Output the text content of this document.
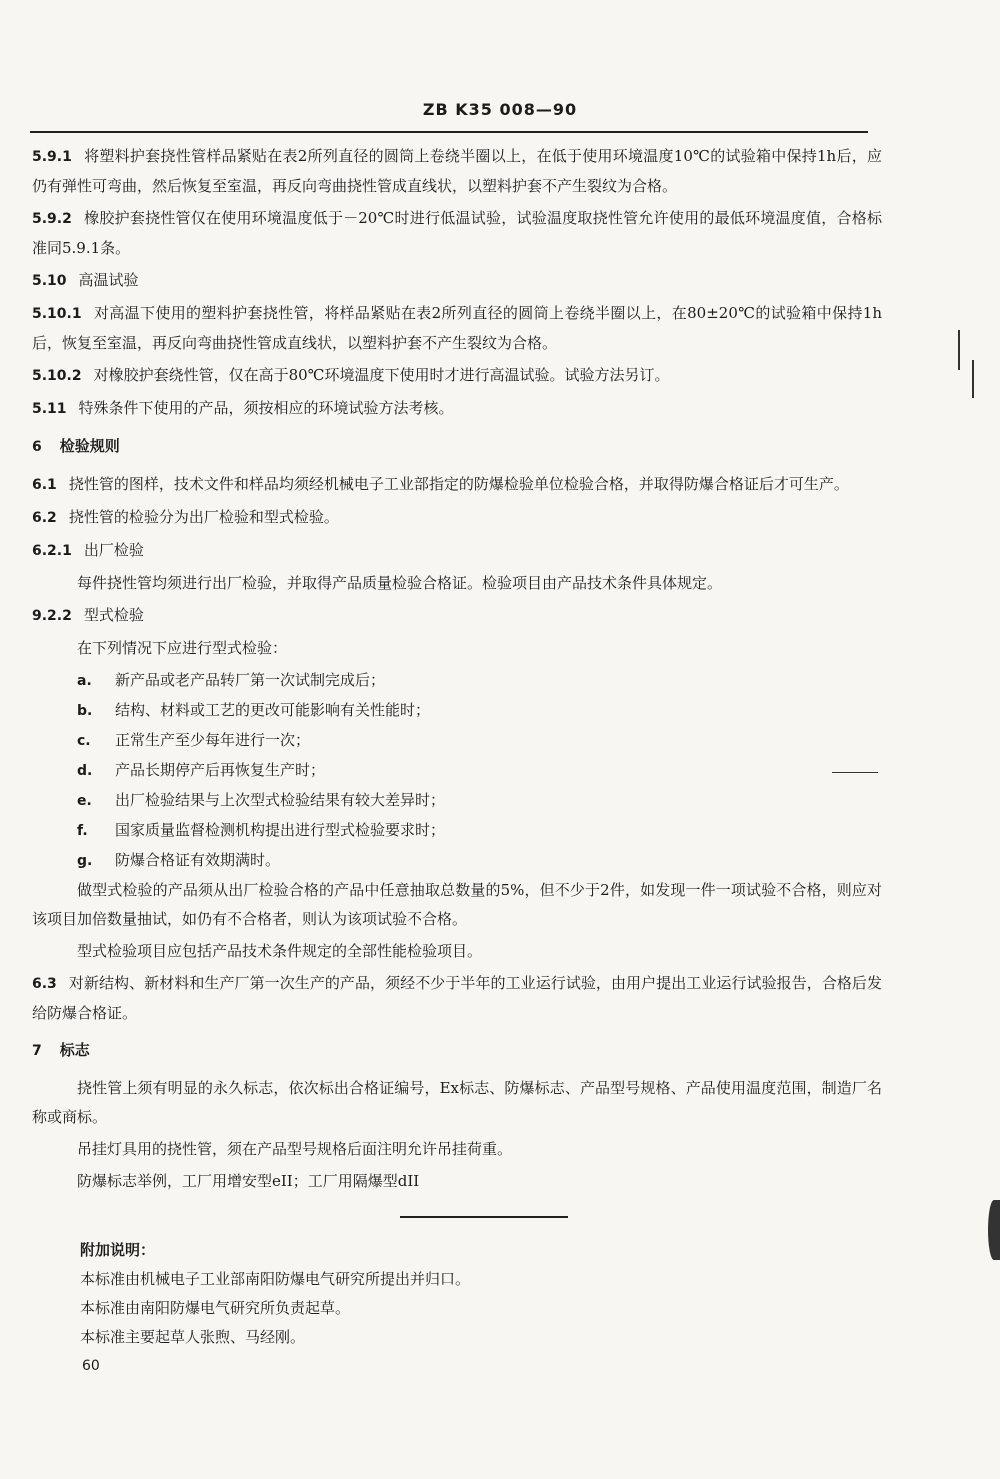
ZB K35 008—90

5.9.1 将塑料护套挠性管样品紧贴在表2所列直径的圆筒上卷绕半圈以上，在低于使用环境温度10℃的试验箱中保持1h后，应仍有弹性可弯曲，然后恢复至室温，再反向弯曲挠性管成直线状，以塑料护套不产生裂纹为合格。

5.9.2 橡胶护套挠性管仅在使用环境温度低于－20℃时进行低温试验，试验温度取挠性管允许使用的最低环境温度值，合格标准同5.9.1条。

5.10 高温试验

5.10.1 对高温下使用的塑料护套挠性管，将样品紧贴在表2所列直径的圆筒上卷绕半圈以上，在80±20℃的试验箱中保持1h后，恢复至室温，再反向弯曲挠性管成直线状，以塑料护套不产生裂纹为合格。

5.10.2 对橡胶护套绕性管，仅在高于80℃环境温度下使用时才进行高温试验。试验方法另订。

5.11 特殊条件下使用的产品，须按相应的环境试验方法考核。

6 检验规则

6.1 挠性管的图样，技术文件和样品均须经机械电子工业部指定的防爆检验单位检验合格，并取得防爆合格证后才可生产。

6.2 挠性管的检验分为出厂检验和型式检验。

6.2.1 出厂检验

每件挠性管均须进行出厂检验，并取得产品质量检验合格证。检验项目由产品技术条件具体规定。

9.2.2 型式检验

在下列情况下应进行型式检验：

a. 新产品或老产品转厂第一次试制完成后；
b. 结构、材料或工艺的更改可能影响有关性能时；
c. 正常生产至少每年进行一次；
d. 产品长期停产后再恢复生产时；
e. 出厂检验结果与上次型式检验结果有较大差异时；
f. 国家质量监督检测机构提出进行型式检验要求时；
g. 防爆合格证有效期满时。

做型式检验的产品须从出厂检验合格的产品中任意抽取总数量的5%，但不少于2件，如发现一件一项试验不合格，则应对该项目加倍数量抽试，如仍有不合格者，则认为该项试验不合格。

型式检验项目应包括产品技术条件规定的全部性能检验项目。

6.3 对新结构、新材料和生产厂第一次生产的产品，须经不少于半年的工业运行试验，由用户提出工业运行试验报告，合格后发给防爆合格证。

7 标志

挠性管上须有明显的永久标志，依次标出合格证编号，Ex标志、防爆标志、产品型号规格、产品使用温度范围，制造厂名称或商标。

吊挂灯具用的挠性管，须在产品型号规格后面注明允许吊挂荷重。

防爆标志举例，工厂用增安型eII；工厂用隔爆型dII

附加说明：

本标准由机械电子工业部南阳防爆电气研究所提出并归口。

本标准由南阳防爆电气研究所负责起草。

本标准主要起草人张煦、马经刚。

60
